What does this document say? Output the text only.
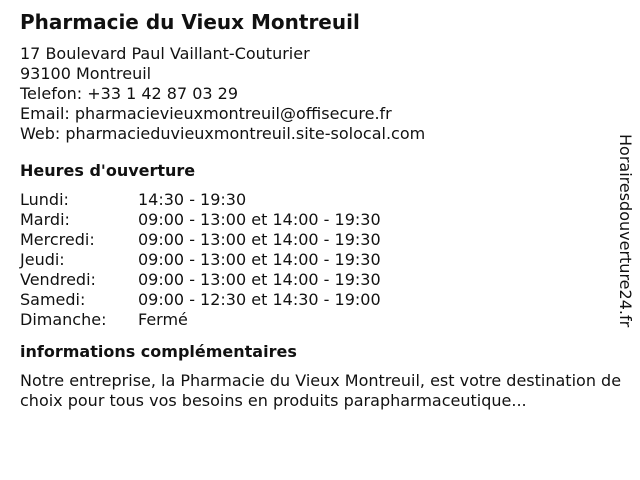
Pharmacie du Vieux Montreuil
17 Boulevard Paul Vaillant-Couturier
93100 Montreuil
Telefon: +33 1 42 87 03 29
Email: pharmacievieuxmontreuil@offisecure.fr
Web: pharmacieduvieuxmontreuil.site-solocal.com
Heures d'ouverture
Lundi:	14:30 - 19:30
Mardi:	09:00 - 13:00 et 14:00 - 19:30
Mercredi:	09:00 - 13:00 et 14:00 - 19:30
Jeudi:	09:00 - 13:00 et 14:00 - 19:30
Vendredi:	09:00 - 13:00 et 14:00 - 19:30
Samedi:	09:00 - 12:30 et 14:30 - 19:00
Dimanche: Fermé
informations complémentaires
Notre entreprise, la Pharmacie du Vieux Montreuil, est votre destination de choix pour tous vos besoins en produits parapharmaceutique...
Horairesdouverture24.fr
